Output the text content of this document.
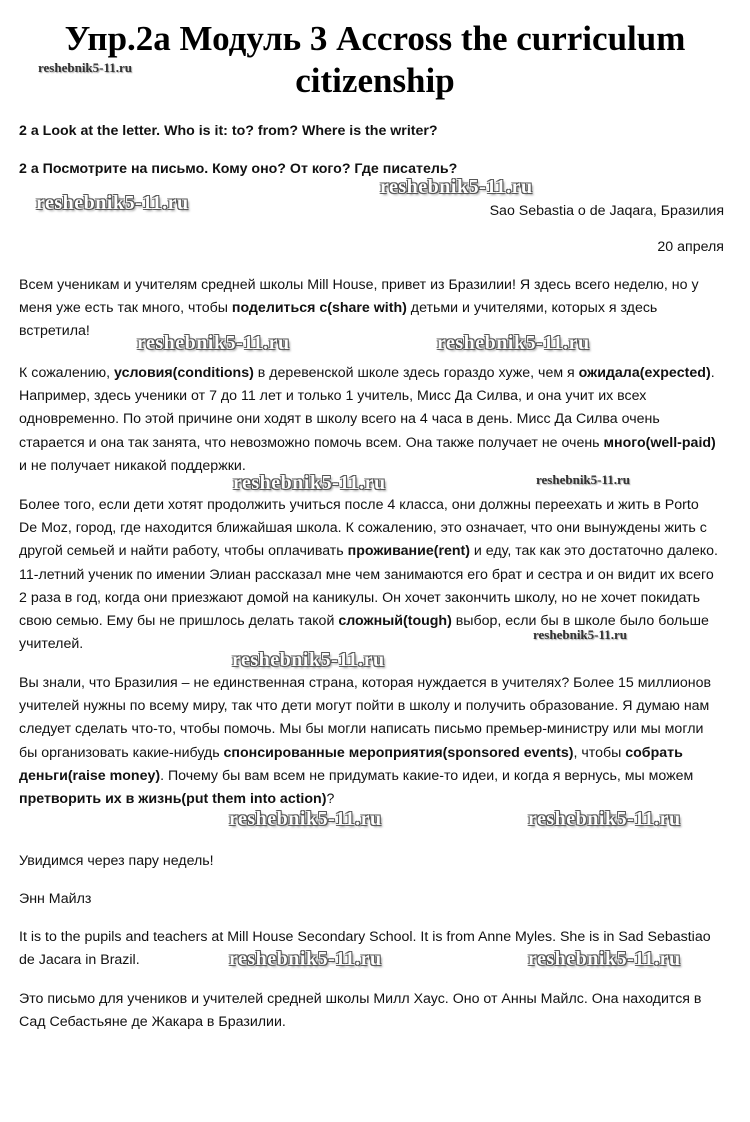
Упр.2а Модуль 3 Accross the curriculum
citizenship

2 a Look at the letter. Who is it: to? from? Where is the writer?

2 а Посмотрите на письмо. Кому оно? От кого? Где писатель?

Sao Sebastia o de Jaqara, Бразилия
20 апреля

Всем ученикам и учителям средней школы Mill House, привет из Бразилии! Я здесь всего неделю, но у меня уже есть так много, чтобы поделиться с(share with) детьми и учителями, которых я здесь встретила!

К сожалению, условия(conditions) в деревенской школе здесь гораздо хуже, чем я ожидала(expected). Например, здесь ученики от 7 до 11 лет и только 1 учитель, Мисс Да Силва, и она учит их всех одновременно. По этой причине они ходят в школу всего на 4 часа в день. Мисс Да Силва очень старается и она так занята, что невозможно помочь всем. Она также получает не очень много(well-paid) и не получает никакой поддержки.

Более того, если дети хотят продолжить учиться после 4 класса, они должны переехать и жить в Porto De Moz, город, где находится ближайшая школа. К сожалению, это означает, что они вынуждены жить с другой семьей и найти работу, чтобы оплачивать проживание(rent) и еду, так как это достаточно далеко. 11-летний ученик по имении Элиан рассказал мне чем занимаются его брат и сестра и он видит их всего 2 раза в год, когда они приезжают домой на каникулы. Он хочет закончить школу, но не хочет покидать свою семью. Ему бы не пришлось делать такой сложный(tough) выбор, если бы в школе было больше учителей.

Вы знали, что Бразилия – не единственная страна, которая нуждается в учителях? Более 15 миллионов учителей нужны по всему миру, так что дети могут пойти в школу и получить образование. Я думаю нам следует сделать что-то, чтобы помочь. Мы бы могли написать письмо премьер-министру или мы могли бы организовать какие-нибудь спонсированные мероприятия(sponsored events), чтобы собрать деньги(raise money). Почему бы вам всем не придумать какие-то идеи, и когда я вернусь, мы можем претворить их в жизнь(put them into action)?

Увидимся через пару недель!

Энн Майлз

It is to the pupils and teachers at Mill House Secondary School. It is from Anne Myles. She is in Sad Sebastiao de Jacara in Brazil.

Это письмо для учеников и учителей средней школы Милл Хаус. Оно от Анны Майлс. Она находится в Сад Себастьяне де Жакара в Бразилии.

reshebnik5-11.ru
reshebnik5-11.ru
reshebnik5-11.ru
reshebnik5-11.ru	reshebnik5-11.ru
reshebnik5-11.ru	reshebnik5-11.ru
reshebnik5-11.ru
reshebnik5-11.ru
reshebnik5-11.ru	reshebnik5-11.ru
reshebnik5-11.ru	reshebnik5-11.ru
